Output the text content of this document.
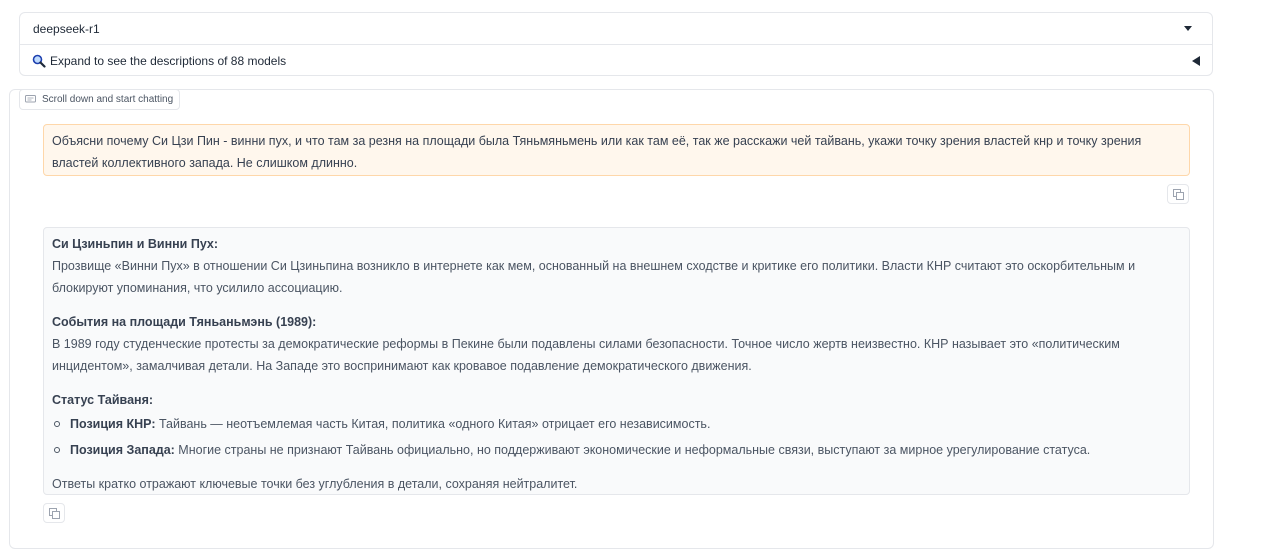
deepseek-r1
Expand to see the descriptions of 88 models
Scroll down and start chatting
Объясни почему Си Цзи Пин - винни пух, и что там за резня на площади была Тяньмяньмень или как там её, так же расскажи чей тайвань, укажи точку зрения властей кнр и точку зрения
властей коллективного запада. Не слишком длинно.

Си Цзиньпин и Винни Пух:

Прозвище «Винни Пух» в отношении Си Цзиньпина возникло в интернете как мем, основанный на внешнем сходстве и критике его политики. Власти КНР считают это оскорбительным и блокируют упоминания, что усилило ассоциацию.

События на площади Тяньаньмэнь (1989):

В 1989 году студенческие протесты за демократические реформы в Пекине были подавлены силами безопасности. Точное число жертв неизвестно. КНР называет это «политическим инцидентом», замалчивая детали. На Западе это воспринимают как кровавое подавление демократического движения.

Статус Тайваня:

Позиция КНР: Тайвань — неотъемлемая часть Китая, политика «одного Китая» отрицает его независимость.
Позиция Запада: Многие страны не признают Тайвань официально, но поддерживают экономические и неформальные связи, выступают за мирное урегулирование статуса.

Ответы кратко отражают ключевые точки без углубления в детали, сохраняя нейтралитет.
